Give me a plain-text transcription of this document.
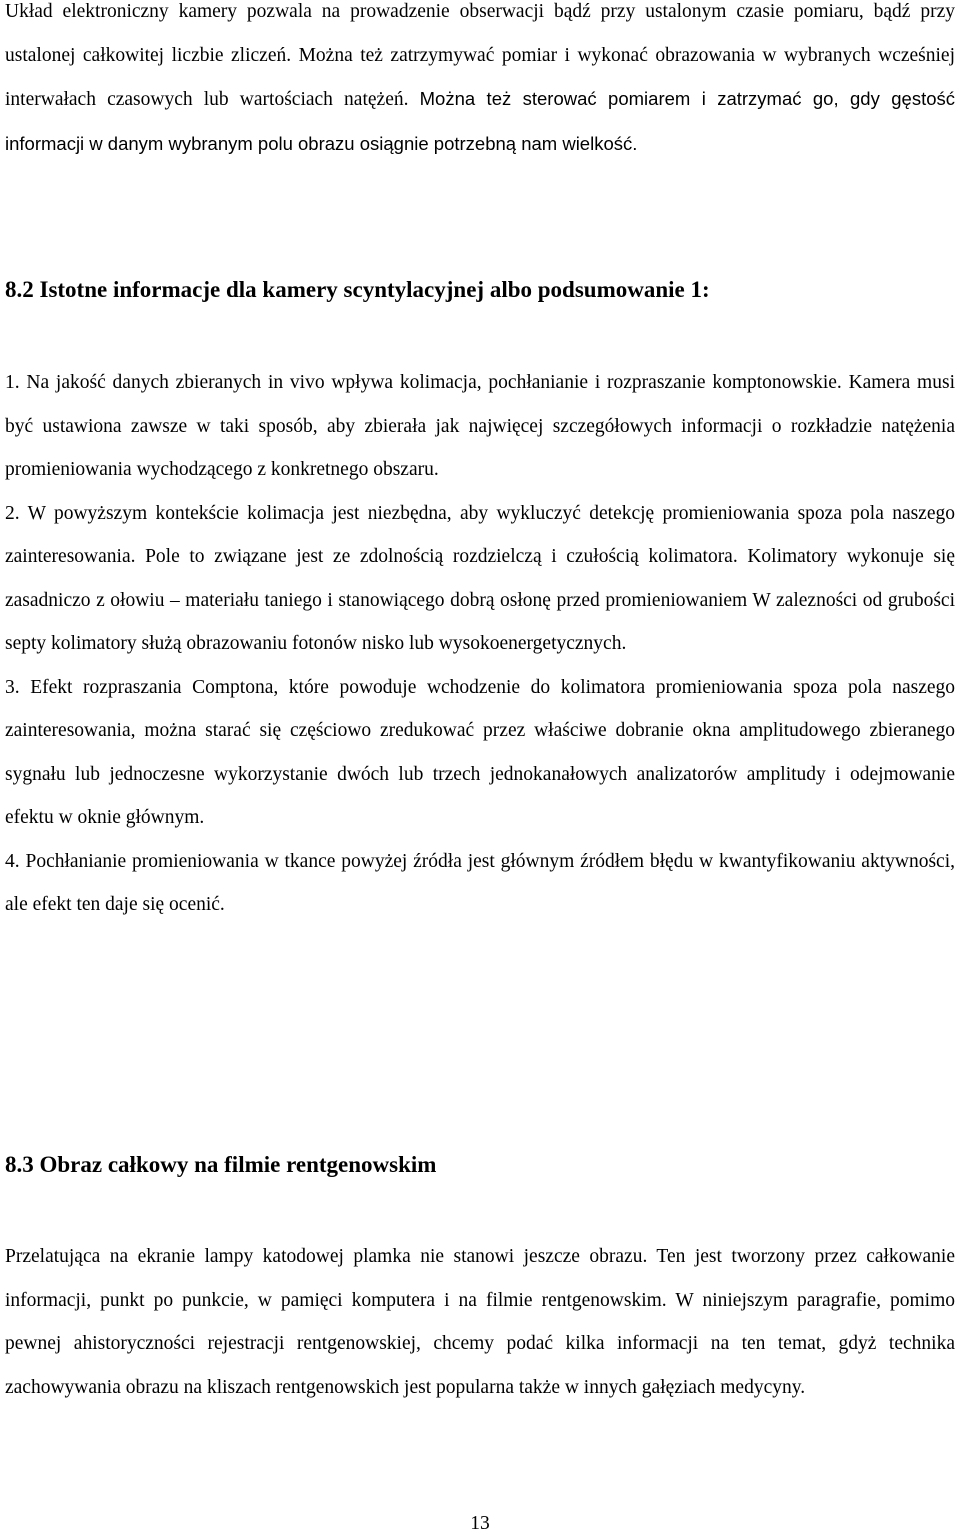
Układ elektroniczny kamery pozwala na prowadzenie obserwacji bądź przy ustalonym czasie pomiaru, bądź przy ustalonej całkowitej liczbie zliczeń. Można też zatrzymywać pomiar i wykonać obrazowania w wybranych wcześniej interwałach czasowych lub wartościach natężeń. Można też sterować pomiarem i zatrzymać go, gdy gęstość informacji w danym wybranym polu obrazu osiągnie potrzebną nam wielkość.

8.2 Istotne informacje dla kamery scyntylacyjnej albo podsumowanie 1:

1. Na jakość danych zbieranych in vivo wpływa kolimacja, pochłanianie i rozpraszanie komptonowskie. Kamera musi być ustawiona zawsze w taki sposób, aby zbierała jak najwięcej szczegółowych informacji o rozkładzie natężenia promieniowania wychodzącego z konkretnego obszaru.

2. W powyższym kontekście kolimacja jest niezbędna, aby wykluczyć detekcję promieniowania spoza pola naszego zainteresowania. Pole to związane jest ze zdolnością rozdzielczą i czułością kolimatora. Kolimatory wykonuje się zasadniczo z ołowiu – materiału taniego i stanowiącego dobrą osłonę przed promieniowaniem W zalezności od grubości septy kolimatory służą obrazowaniu fotonów nisko lub wysokoenergetycznych.

3. Efekt rozpraszania Comptona, które powoduje wchodzenie do kolimatora promieniowania spoza pola naszego zainteresowania, można starać się częściowo zredukować przez właściwe dobranie okna amplitudowego zbieranego sygnału lub jednoczesne wykorzystanie dwóch lub trzech jednokanałowych analizatorów amplitudy i odejmowanie efektu w oknie głównym.

4. Pochłanianie promieniowania w tkance powyżej źródła jest głównym źródłem błędu w kwantyfikowaniu aktywności, ale efekt ten daje się ocenić.

8.3 Obraz całkowy na filmie rentgenowskim

Przelatująca na ekranie lampy katodowej plamka nie stanowi jeszcze obrazu. Ten jest tworzony przez całkowanie informacji, punkt po punkcie, w pamięci komputera i na filmie rentgenowskim. W niniejszym paragrafie, pomimo pewnej ahistoryczności rejestracji rentgenowskiej, chcemy podać kilka informacji na ten temat, gdyż technika zachowywania obrazu na kliszach rentgenowskich jest popularna także w innych gałęziach medycyny.

13
